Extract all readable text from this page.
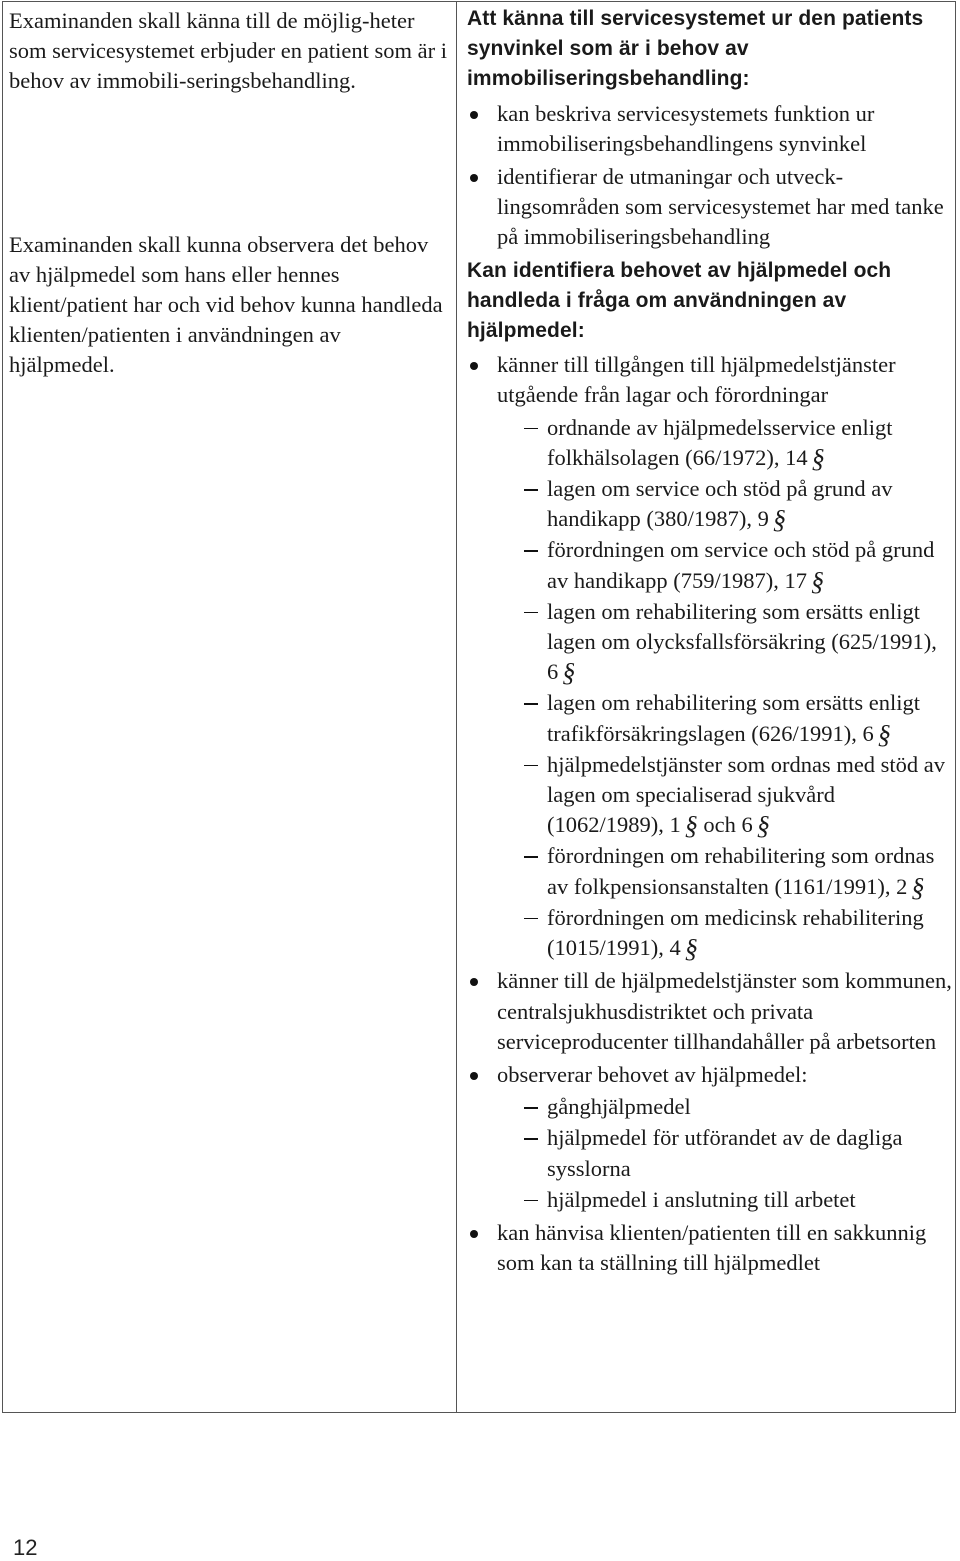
Examinanden skall känna till de möjlig-heter som servicesystemet erbjuder en patient som är i behov av immobili-seringsbehandling.

Examinanden skall kunna observera det behov av hjälpmedel som hans eller hennes klient/patient har och vid behov kunna handleda klienten/patienten i användningen av hjälpmedel.

Att känna till servicesystemet ur den patients synvinkel som är i behov av immobiliseringsbehandling:

kan beskriva servicesystemets funktion ur immobiliseringsbehandlingens synvinkel
identifierar de utmaningar och utveck-lingsområden som servicesystemet har med tanke på immobiliseringsbehandling

Kan identifiera behovet av hjälpmedel och handleda i fråga om användningen av hjälpmedel:

känner till tillgången till hjälpmedelstjänster utgående från lagar och förordningar
ordnande av hjälpmedelsservice enligt folkhälsolagen (66/1972), 14 §
lagen om service och stöd på grund av handikapp (380/1987), 9 §
förordningen om service och stöd på grund av handikapp (759/1987), 17 §
lagen om rehabilitering som ersätts enligt lagen om olycksfallsförsäkring (625/1991), 6 §
lagen om rehabilitering som ersätts enligt trafikförsäkringslagen (626/1991), 6 §
hjälpmedelstjänster som ordnas med stöd av lagen om specialiserad sjukvård (1062/1989), 1 § och 6 §
förordningen om rehabilitering som ordnas av folkpensionsanstalten (1161/1991), 2 §
förordningen om medicinsk rehabilitering (1015/1991), 4 §
känner till de hjälpmedelstjänster som kommunen, centralsjukhusdistriktet och privata serviceproducenter tillhandahåller på arbetsorten
observerar behovet av hjälpmedel:
gånghjälpmedel
hjälpmedel för utförandet av de dagliga sysslorna
hjälpmedel i anslutning till arbetet
kan hänvisa klienten/patienten till en sakkunnig som kan ta ställning till hjälpmedlet
12
